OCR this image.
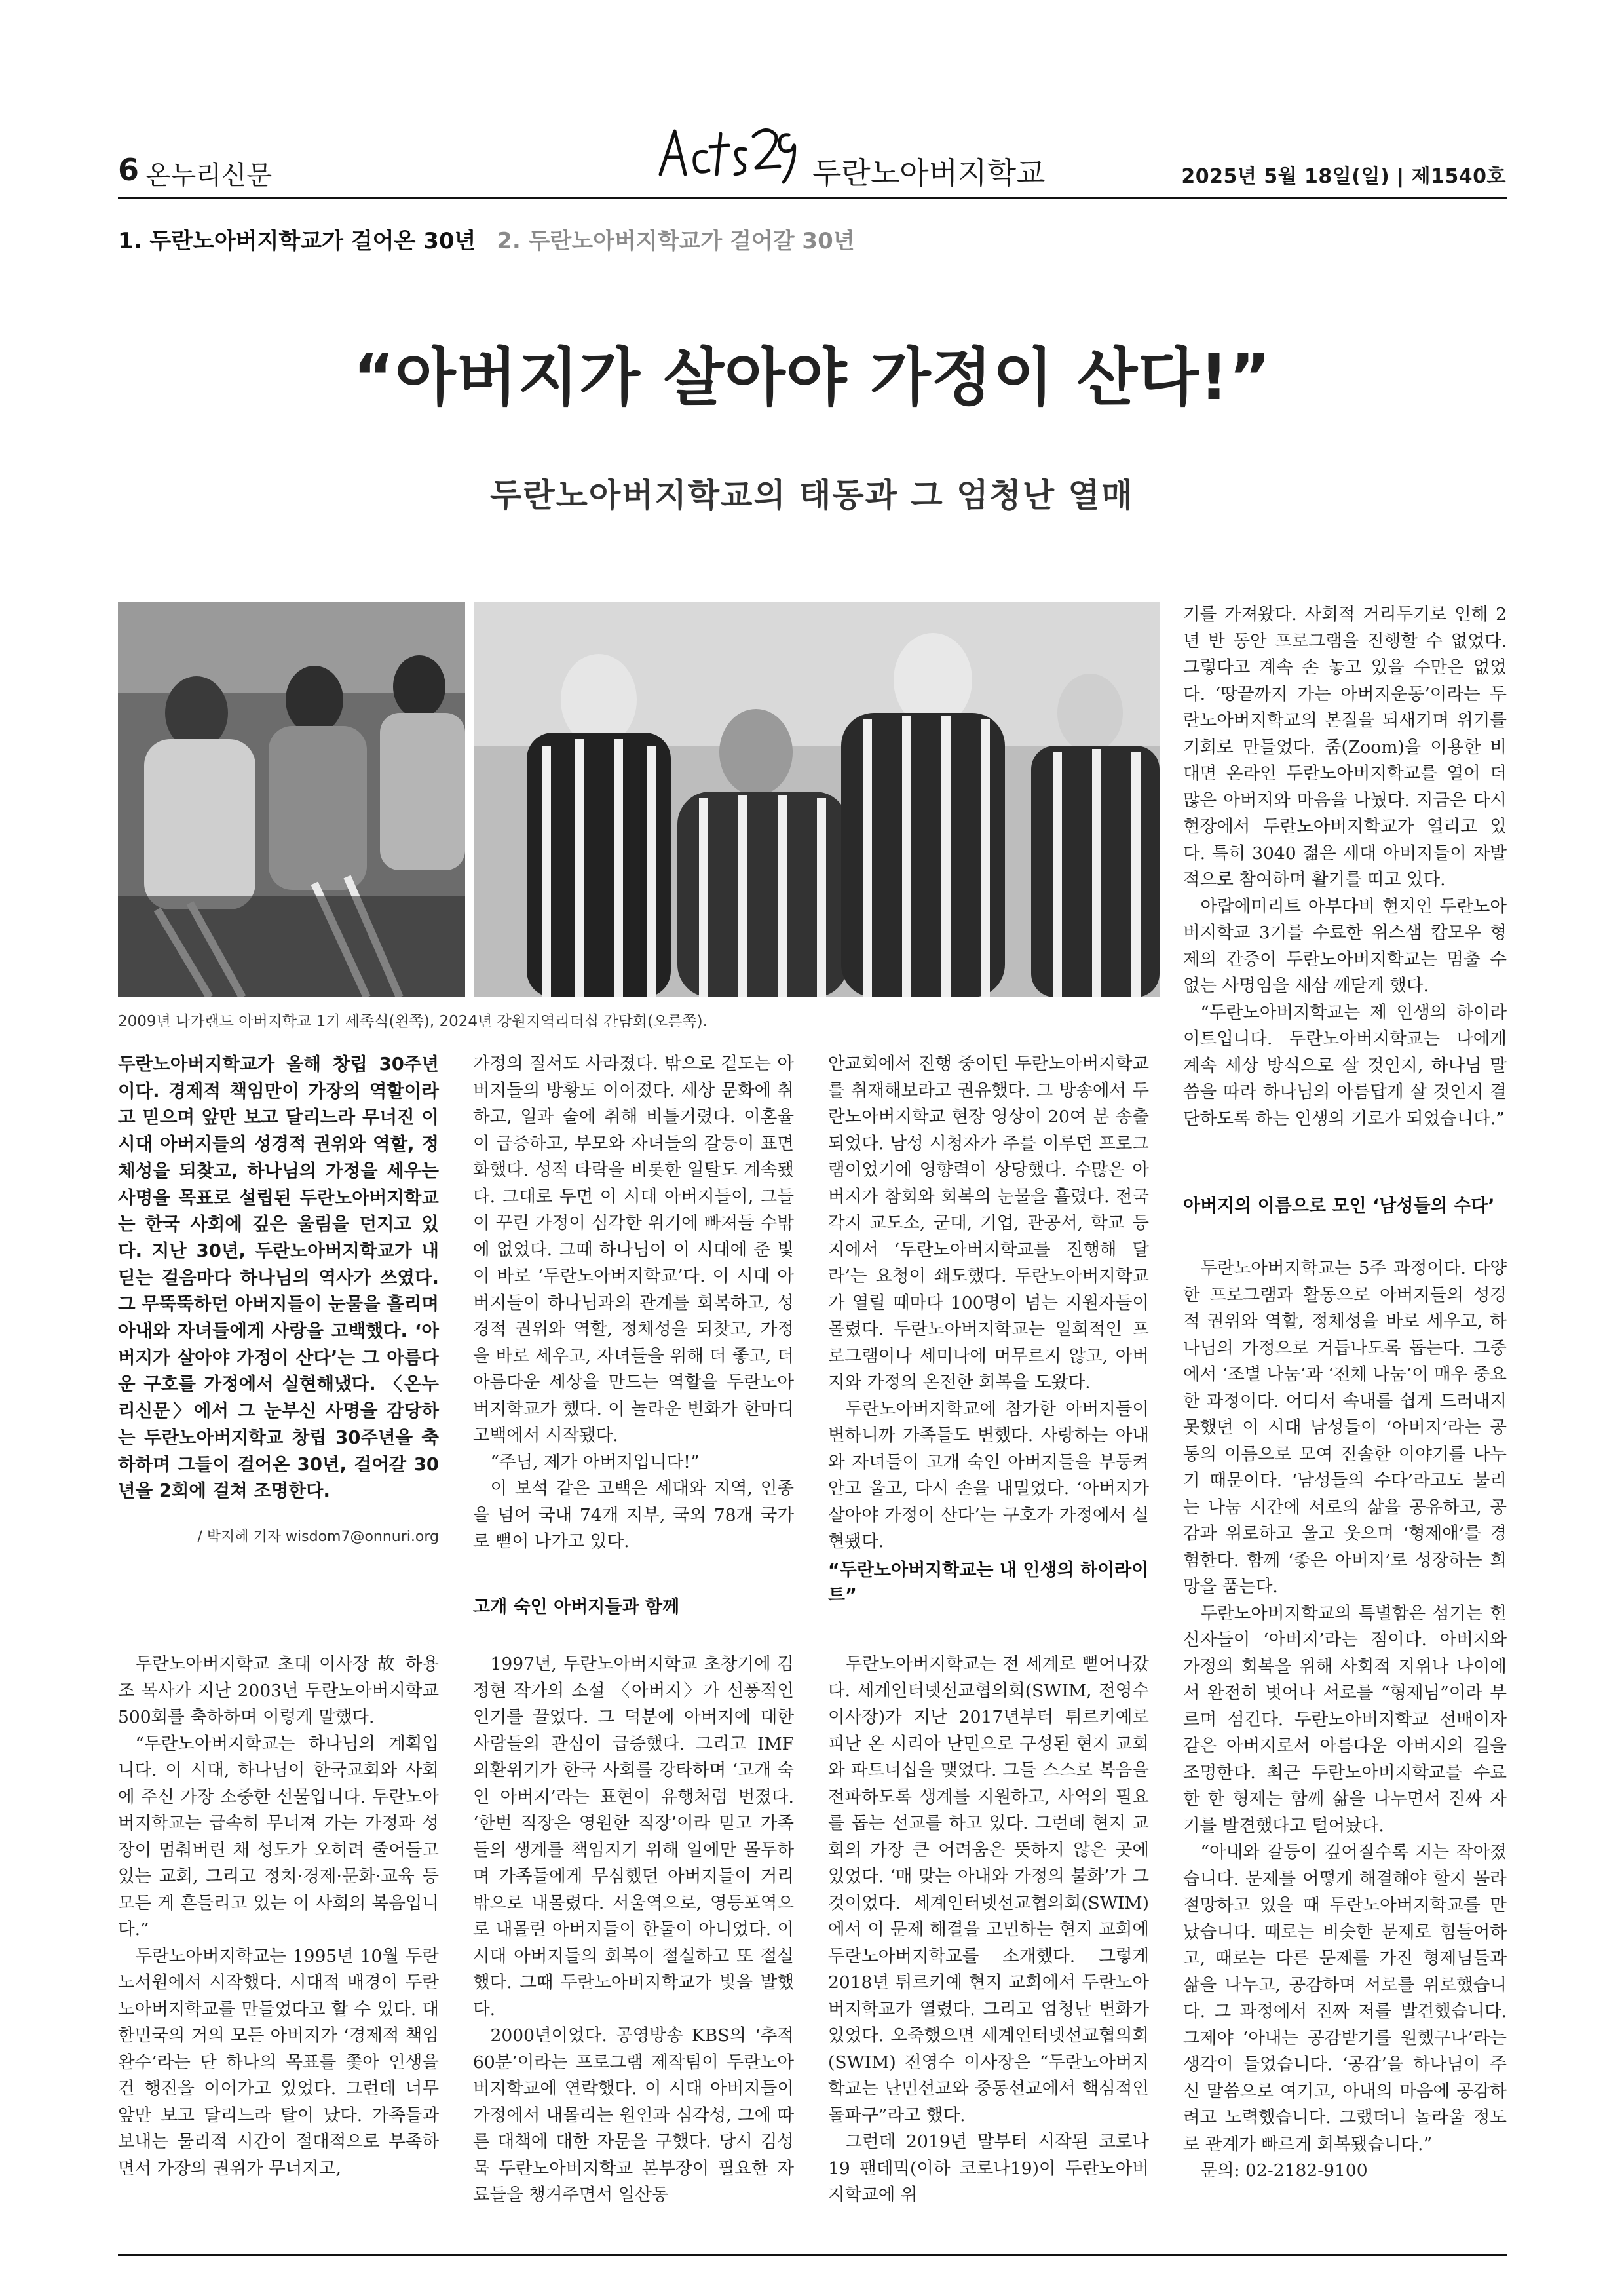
6 온누리신문	두란노아버지학교	2025년 5월 18일(일) | 제1540호
1. 두란노아버지학교가 걸어온 30년 2. 두란노아버지학교가 걸어갈 30년
“아버지가 살아야 가정이 산다!”
두란노아버지학교의 태동과 그 엄청난 열매
2009년 나가랜드 아버지학교 1기 세족식(왼쪽), 2024년 강원지역리더십 간담회(오른쪽).
두란노아버지학교가 올해 창립 30주년이다. 경제적 책임만이 가장의 역할이라고 믿으며 앞만 보고 달리느라 무너진 이 시대 아버지들의 성경적 권위와 역할, 정체성을 되찾고, 하나님의 가정을 세우는 사명을 목표로 설립된 두란노아버지학교는 한국 사회에 깊은 울림을 던지고 있다. 지난 30년, 두란노아버지학교가 내딛는 걸음마다 하나님의 역사가 쓰였다. 그 무뚝뚝하던 아버지들이 눈물을 흘리며 아내와 자녀들에게 사랑을 고백했다. ‘아버지가 살아야 가정이 산다’는 그 아름다운 구호를 가정에서 실현해냈다. 〈온누리신문〉에서 그 눈부신 사명을 감당하는 두란노아버지학교 창립 30주년을 축하하며 그들이 걸어온 30년, 걸어갈 30년을 2회에 걸쳐 조명한다.
/ 박지혜 기자 wisdom7@onnuri.org

두란노아버지학교 초대 이사장 故 하용조 목사가 지난 2003년 두란노아버지학교 500회를 축하하며 이렇게 말했다.

“두란노아버지학교는 하나님의 계획입니다. 이 시대, 하나님이 한국교회와 사회에 주신 가장 소중한 선물입니다. 두란노아버지학교는 급속히 무너져 가는 가정과 성장이 멈춰버린 채 성도가 오히려 줄어들고 있는 교회, 그리고 정치·경제·문화·교육 등 모든 게 흔들리고 있는 이 사회의 복음입니다.”

두란노아버지학교는 1995년 10월 두란노서원에서 시작했다. 시대적 배경이 두란노아버지학교를 만들었다고 할 수 있다. 대한민국의 거의 모든 아버지가 ‘경제적 책임 완수’라는 단 하나의 목표를 쫓아 인생을 건 행진을 이어가고 있었다. 그런데 너무 앞만 보고 달리느라 탈이 났다. 가족들과 보내는 물리적 시간이 절대적으로 부족하면서 가장의 권위가 무너지고,

가정의 질서도 사라졌다. 밖으로 겉도는 아버지들의 방황도 이어졌다. 세상 문화에 취하고, 일과 술에 취해 비틀거렸다. 이혼율이 급증하고, 부모와 자녀들의 갈등이 표면화했다. 성적 타락을 비롯한 일탈도 계속됐다. 그대로 두면 이 시대 아버지들이, 그들이 꾸린 가정이 심각한 위기에 빠져들 수밖에 없었다. 그때 하나님이 이 시대에 준 빛이 바로 ‘두란노아버지학교’다. 이 시대 아버지들이 하나님과의 관계를 회복하고, 성경적 권위와 역할, 정체성을 되찾고, 가정을 바로 세우고, 자녀들을 위해 더 좋고, 더 아름다운 세상을 만드는 역할을 두란노아버지학교가 했다. 이 놀라운 변화가 한마디 고백에서 시작됐다.

“주님, 제가 아버지입니다!”

이 보석 같은 고백은 세대와 지역, 인종을 넘어 국내 74개 지부, 국외 78개 국가로 뻗어 나가고 있다.

고개 숙인 아버지들과 함께

1997년, 두란노아버지학교 초창기에 김정현 작가의 소설 〈아버지〉가 선풍적인 인기를 끌었다. 그 덕분에 아버지에 대한 사람들의 관심이 급증했다. 그리고 IMF 외환위기가 한국 사회를 강타하며 ‘고개 숙인 아버지’라는 표현이 유행처럼 번졌다. ‘한번 직장은 영원한 직장’이라 믿고 가족들의 생계를 책임지기 위해 일에만 몰두하며 가족들에게 무심했던 아버지들이 거리 밖으로 내몰렸다. 서울역으로, 영등포역으로 내몰린 아버지들이 한둘이 아니었다. 이 시대 아버지들의 회복이 절실하고 또 절실했다. 그때 두란노아버지학교가 빛을 발했다.

2000년이었다. 공영방송 KBS의 ‘추적 60분’이라는 프로그램 제작팀이 두란노아버지학교에 연락했다. 이 시대 아버지들이 가정에서 내몰리는 원인과 심각성, 그에 따른 대책에 대한 자문을 구했다. 당시 김성묵 두란노아버지학교 본부장이 필요한 자료들을 챙겨주면서 일산동

안교회에서 진행 중이던 두란노아버지학교를 취재해보라고 권유했다. 그 방송에서 두란노아버지학교 현장 영상이 20여 분 송출되었다. 남성 시청자가 주를 이루던 프로그램이었기에 영향력이 상당했다. 수많은 아버지가 참회와 회복의 눈물을 흘렸다. 전국 각지 교도소, 군대, 기업, 관공서, 학교 등지에서 ‘두란노아버지학교를 진행해 달라’는 요청이 쇄도했다. 두란노아버지학교가 열릴 때마다 100명이 넘는 지원자들이 몰렸다. 두란노아버지학교는 일회적인 프로그램이나 세미나에 머무르지 않고, 아버지와 가정의 온전한 회복을 도왔다.

두란노아버지학교에 참가한 아버지들이 변하니까 가족들도 변했다. 사랑하는 아내와 자녀들이 고개 숙인 아버지들을 부둥켜안고 울고, 다시 손을 내밀었다. ‘아버지가 살아야 가정이 산다’는 구호가 가정에서 실현됐다.

“두란노아버지학교는 내 인생의 하이라이트”

두란노아버지학교는 전 세계로 뻗어나갔다. 세계인터넷선교협의회(SWIM, 전영수 이사장)가 지난 2017년부터 튀르키예로 피난 온 시리아 난민으로 구성된 현지 교회와 파트너십을 맺었다. 그들 스스로 복음을 전파하도록 생계를 지원하고, 사역의 필요를 돕는 선교를 하고 있다. 그런데 현지 교회의 가장 큰 어려움은 뜻하지 않은 곳에 있었다. ‘매 맞는 아내와 가정의 불화’가 그것이었다. 세계인터넷선교협의회(SWIM)에서 이 문제 해결을 고민하는 현지 교회에 두란노아버지학교를 소개했다. 그렇게 2018년 튀르키예 현지 교회에서 두란노아버지학교가 열렸다. 그리고 엄청난 변화가 있었다. 오죽했으면 세계인터넷선교협의회(SWIM) 전영수 이사장은 “두란노아버지학교는 난민선교와 중동선교에서 핵심적인 돌파구”라고 했다.

그런데 2019년 말부터 시작된 코로나19 팬데믹(이하 코로나19)이 두란노아버지학교에 위

기를 가져왔다. 사회적 거리두기로 인해 2년 반 동안 프로그램을 진행할 수 없었다. 그렇다고 계속 손 놓고 있을 수만은 없었다. ‘땅끝까지 가는 아버지운동’이라는 두란노아버지학교의 본질을 되새기며 위기를 기회로 만들었다. 줌(Zoom)을 이용한 비대면 온라인 두란노아버지학교를 열어 더 많은 아버지와 마음을 나눴다. 지금은 다시 현장에서 두란노아버지학교가 열리고 있다. 특히 3040 젊은 세대 아버지들이 자발적으로 참여하며 활기를 띠고 있다.

아랍에미리트 아부다비 현지인 두란노아버지학교 3기를 수료한 위스샘 캅모우 형제의 간증이 두란노아버지학교는 멈출 수 없는 사명임을 새삼 깨닫게 했다.

“두란노아버지학교는 제 인생의 하이라이트입니다. 두란노아버지학교는 나에게 계속 세상 방식으로 살 것인지, 하나님 말씀을 따라 하나님의 아름답게 살 것인지 결단하도록 하는 인생의 기로가 되었습니다.”

아버지의 이름으로 모인 ‘남성들의 수다’

두란노아버지학교는 5주 과정이다. 다양한 프로그램과 활동으로 아버지들의 성경적 권위와 역할, 정체성을 바로 세우고, 하나님의 가정으로 거듭나도록 돕는다. 그중에서 ‘조별 나눔’과 ‘전체 나눔’이 매우 중요한 과정이다. 어디서 속내를 쉽게 드러내지 못했던 이 시대 남성들이 ‘아버지’라는 공통의 이름으로 모여 진솔한 이야기를 나누기 때문이다. ‘남성들의 수다’라고도 불리는 나눔 시간에 서로의 삶을 공유하고, 공감과 위로하고 울고 웃으며 ‘형제애’를 경험한다. 함께 ‘좋은 아버지’로 성장하는 희망을 품는다.

두란노아버지학교의 특별함은 섬기는 헌신자들이 ‘아버지’라는 점이다. 아버지와 가정의 회복을 위해 사회적 지위나 나이에서 완전히 벗어나 서로를 “형제님”이라 부르며 섬긴다. 두란노아버지학교 선배이자 같은 아버지로서 아름다운 아버지의 길을 조명한다. 최근 두란노아버지학교를 수료한 한 형제는 함께 삶을 나누면서 진짜 자기를 발견했다고 털어놨다.

“아내와 갈등이 깊어질수록 저는 작아졌습니다. 문제를 어떻게 해결해야 할지 몰라 절망하고 있을 때 두란노아버지학교를 만났습니다. 때로는 비슷한 문제로 힘들어하고, 때로는 다른 문제를 가진 형제님들과 삶을 나누고, 공감하며 서로를 위로했습니다. 그 과정에서 진짜 저를 발견했습니다. 그제야 ‘아내는 공감받기를 원했구나’라는 생각이 들었습니다. ‘공감’을 하나님이 주신 말씀으로 여기고, 아내의 마음에 공감하려고 노력했습니다. 그랬더니 놀라울 정도로 관계가 빠르게 회복됐습니다.”

문의: 02-2182-9100
